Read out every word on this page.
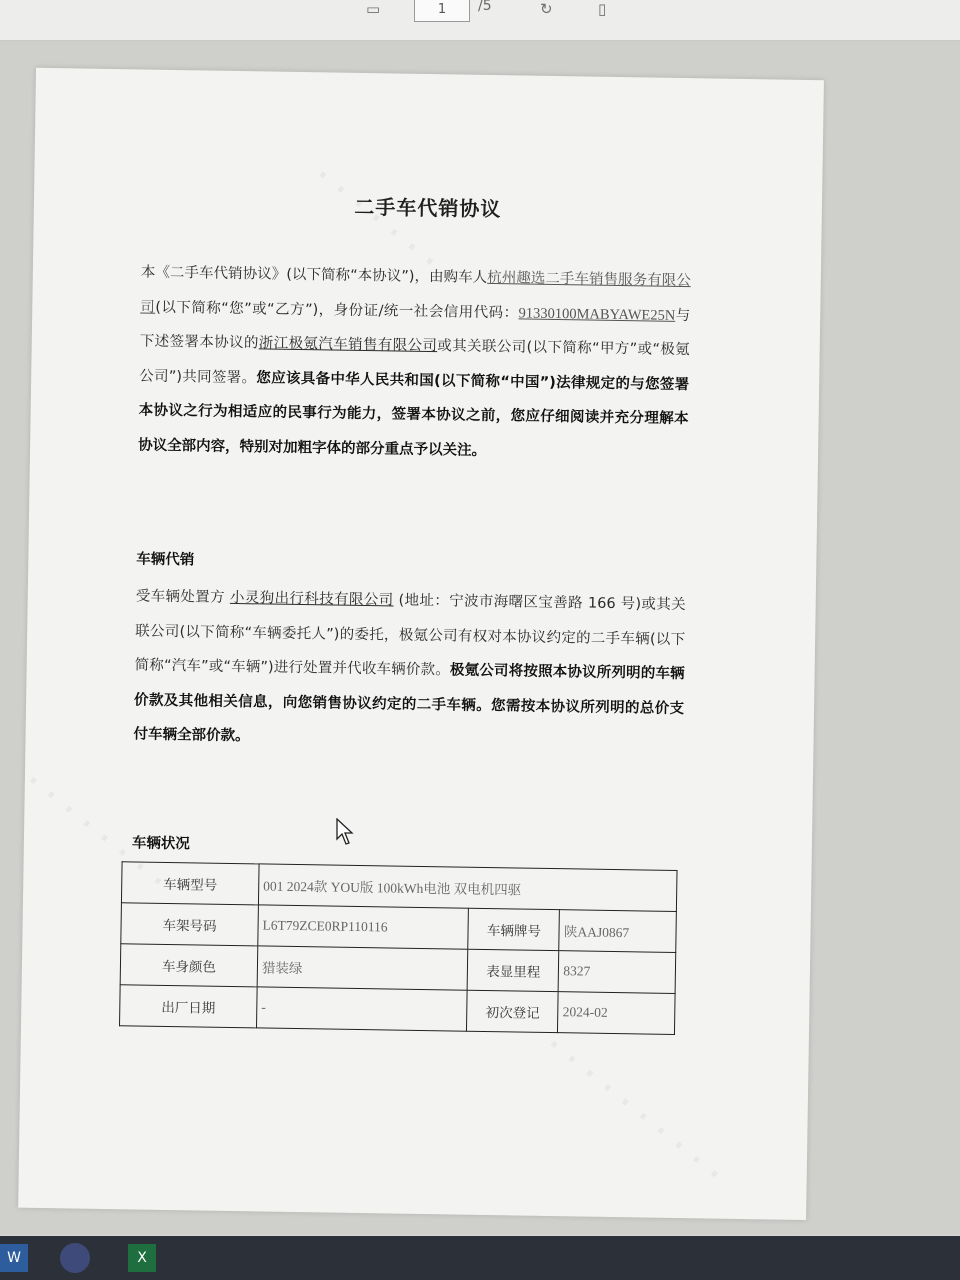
▭	1	/5	↻	▯
二手车代销协议
本《二手车代销协议》(以下简称“本协议”)，由购车人杭州趣选二手车销售服务有限公司(以下简称“您”或“乙方”)，身份证/统一社会信用代码：91330100MABYAWE25N与下述签署本协议的浙江极氪汽车销售有限公司或其关联公司(以下简称“甲方”或“极氪公司”)共同签署。您应该具备中华人民共和国(以下简称“中国”)法律规定的与您签署本协议之行为相适应的民事行为能力，签署本协议之前，您应仔细阅读并充分理解本协议全部内容，特别对加粗字体的部分重点予以关注。
车辆代销
受车辆处置方 小灵狗出行科技有限公司 (地址：宁波市海曙区宝善路 166 号)或其关联公司(以下简称“车辆委托人”)的委托，极氪公司有权对本协议约定的二手车辆(以下简称“汽车”或“车辆”)进行处置并代收车辆价款。极氪公司将按照本协议所列明的车辆价款及其他相关信息，向您销售协议约定的二手车辆。您需按本协议所列明的总价支付车辆全部价款。
车辆状况
车辆型号	001 2024款 YOU版 100kWh电池 双电机四驱		
车架号码	L6T79ZCE0RP110116	车辆牌号	陕AAJ0867
车身颜色	猎装绿	表显里程	8327
出厂日期	-	初次登记	2024-02
W	X
